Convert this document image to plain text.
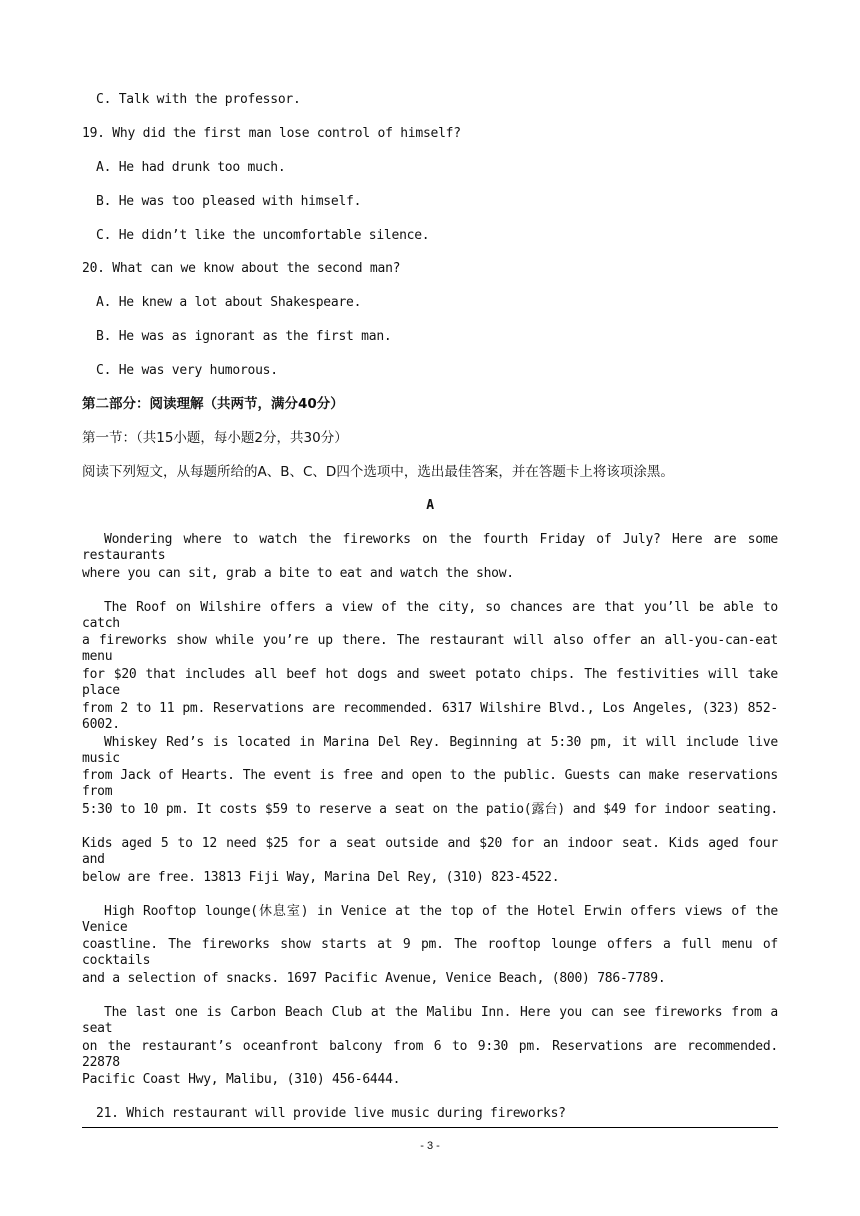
C. Talk with the professor.
19. Why did the first man lose control of himself?
A. He had drunk too much.
B. He was too pleased with himself.
C. He didn’t like the uncomfortable silence.
20. What can we know about the second man?
A. He knew a lot about Shakespeare.
B. He was as ignorant as the first man.
C. He was very humorous.
第二部分：阅读理解（共两节，满分40分）
第一节：（共15小题，每小题2分，共30分）
阅读下列短文，从每题所给的A、B、C、D四个选项中，选出最佳答案，并在答题卡上将该项涂黑。
A
Wondering where to watch the fireworks on the fourth Friday of July? Here are some restaurants
where you can sit, grab a bite to eat and watch the show.
The Roof on Wilshire offers a view of the city, so chances are that you’ll be able to catch
a fireworks show while you’re up there. The restaurant will also offer an all-you-can-eat menu
for $20 that includes all beef hot dogs and sweet potato chips. The festivities will take place
from 2 to 11 pm. Reservations are recommended. 6317 Wilshire Blvd., Los Angeles, (323) 852-6002.
Whiskey Red’s is located in Marina Del Rey. Beginning at 5:30 pm, it will include live music
from Jack of Hearts. The event is free and open to the public. Guests can make reservations from
5:30 to 10 pm. It costs $59 to reserve a seat on the patio(露台) and $49 for indoor seating.
Kids aged 5 to 12 need $25 for a seat outside and $20 for an indoor seat. Kids aged four and
below are free. 13813 Fiji Way, Marina Del Rey, (310) 823-4522.
High Rooftop lounge(休息室) in Venice at the top of the Hotel Erwin offers views of the Venice
coastline. The fireworks show starts at 9 pm. The rooftop lounge offers a full menu of cocktails
and a selection of snacks. 1697 Pacific Avenue, Venice Beach, (800) 786-7789.
The last one is Carbon Beach Club at the Malibu Inn. Here you can see fireworks from a seat
on the restaurant’s oceanfront balcony from 6 to 9:30 pm. Reservations are recommended. 22878
Pacific Coast Hwy, Malibu, (310) 456-6444.
21. Which restaurant will provide live music during fireworks?
- 3 -
